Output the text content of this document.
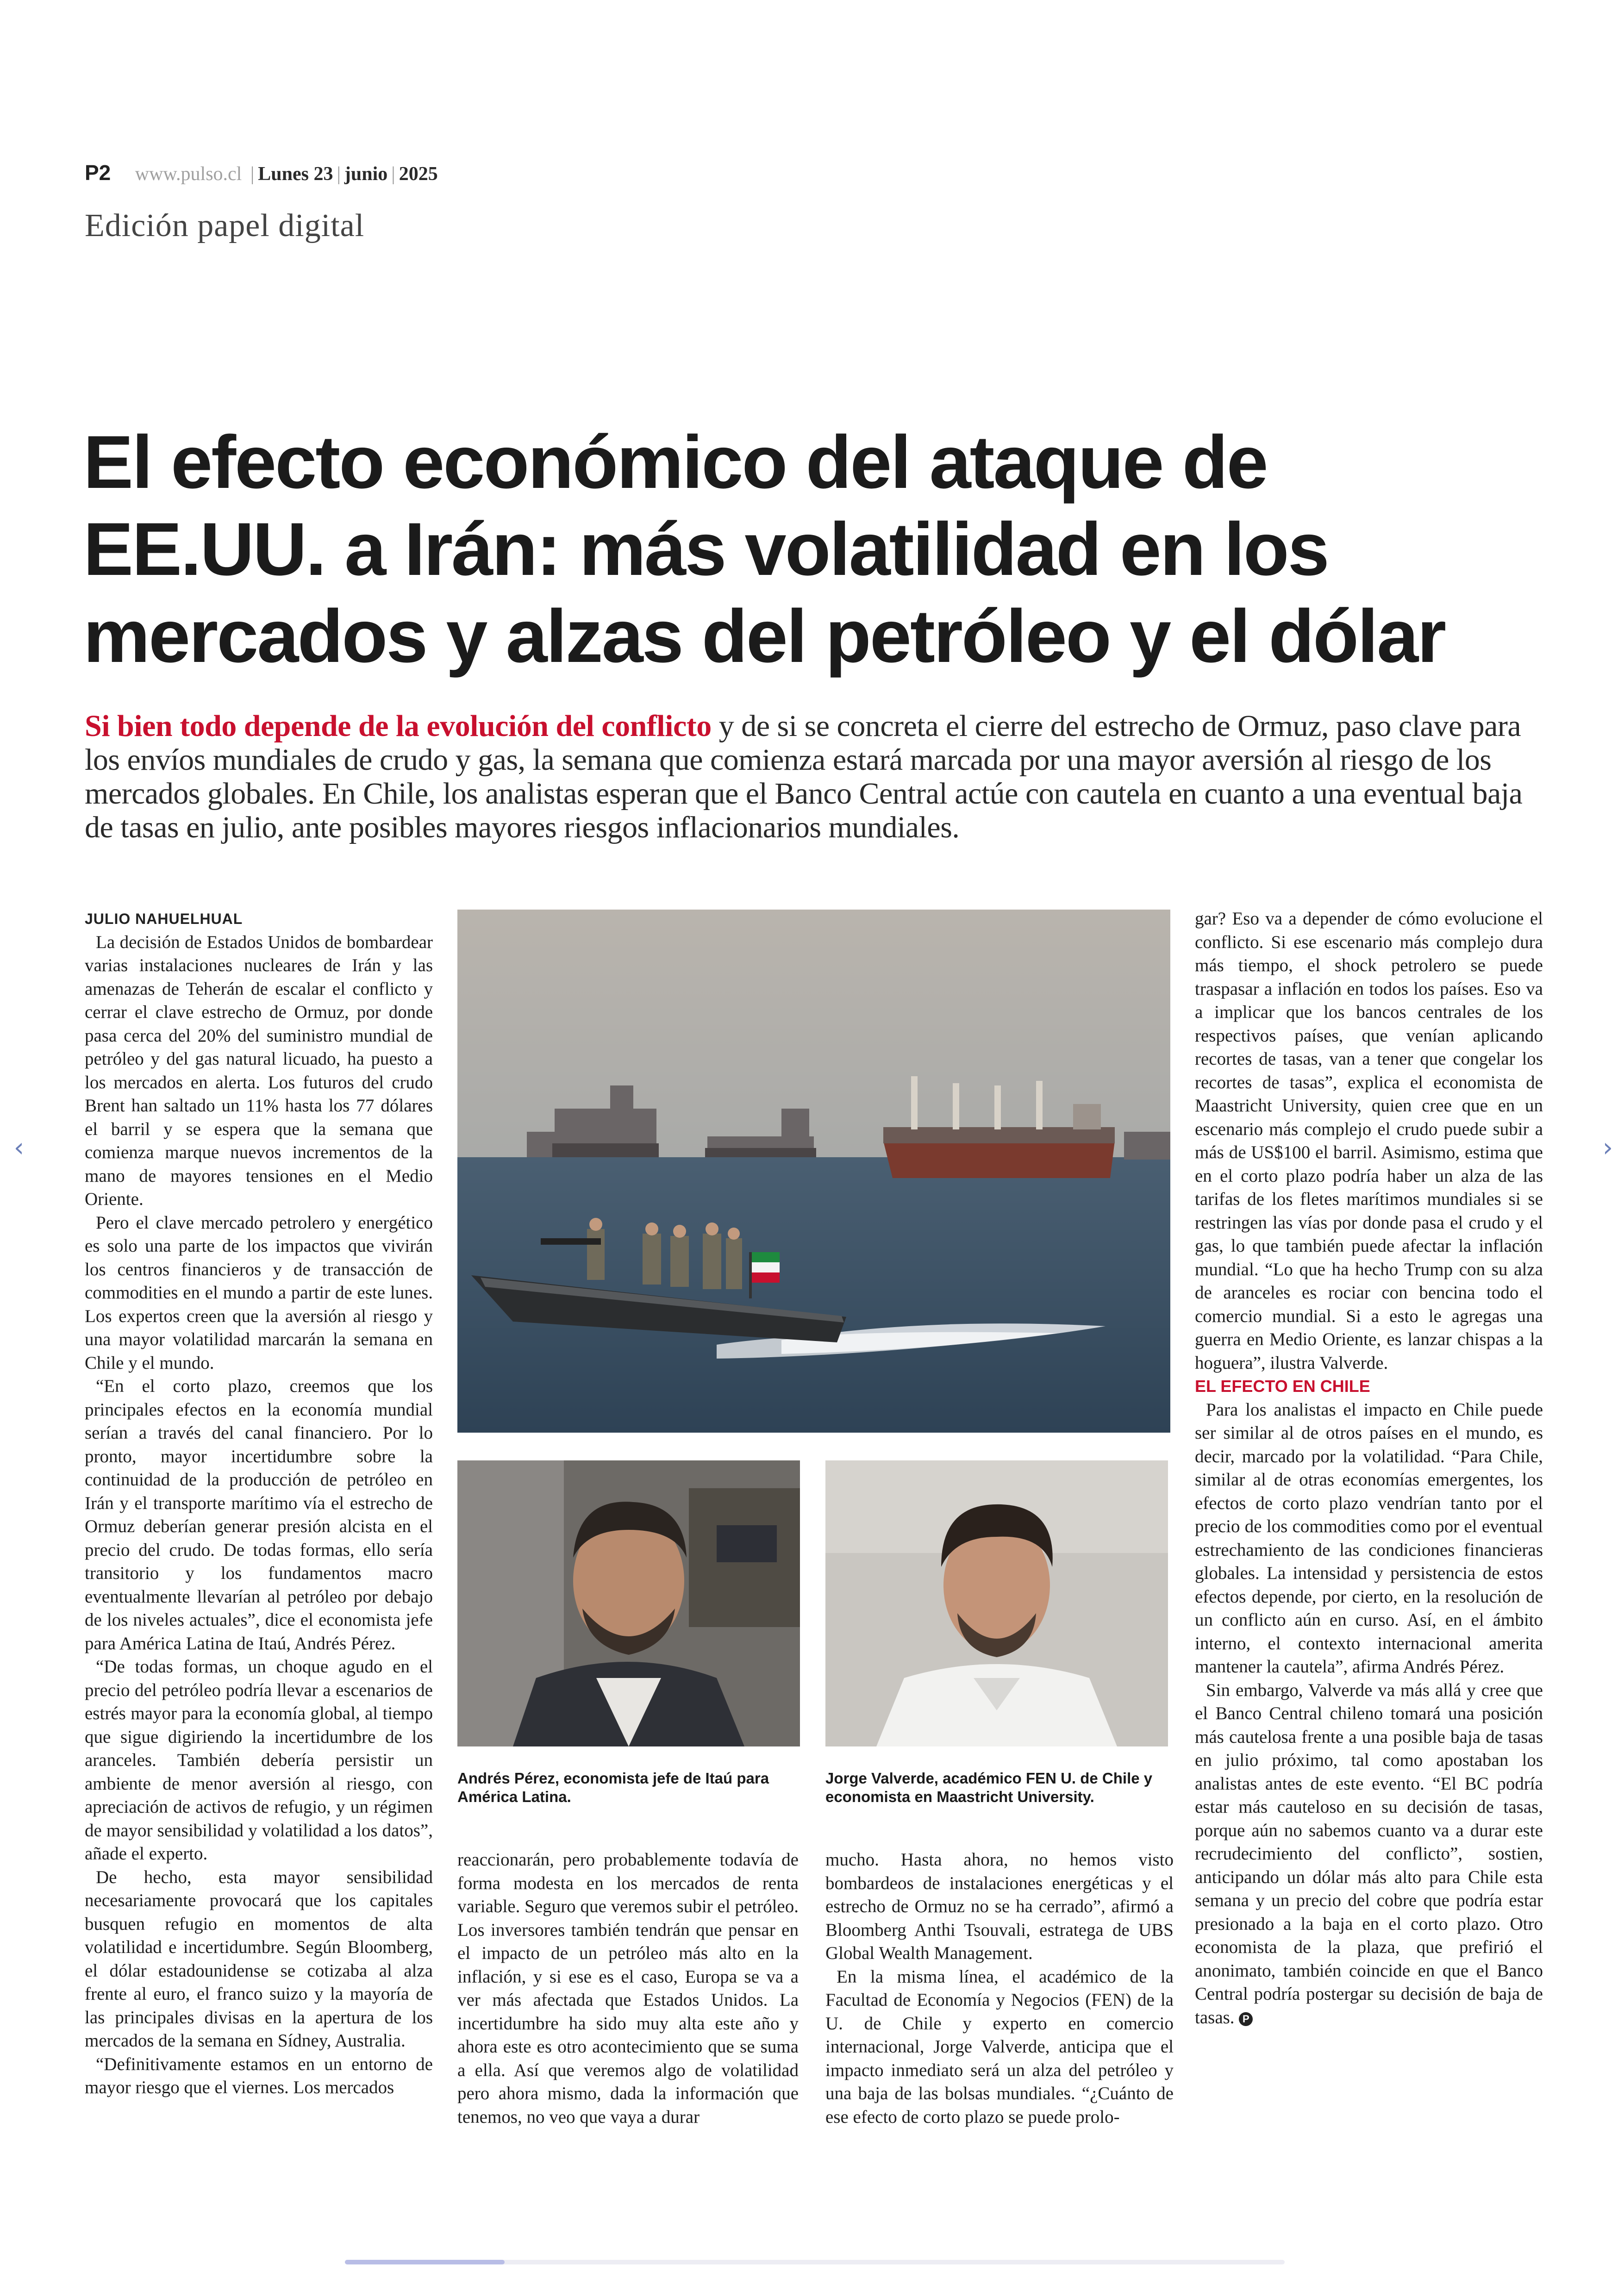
P2 www.pulso.cl | Lunes 23 | junio | 2025
Edición papel digital
El efecto económico del ataque de
EE.UU. a Irán: más volatilidad en los
mercados y alzas del petróleo y el dólar

Si bien todo depende de la evolución del conflicto y de si se concreta el cierre del estrecho de Ormuz, paso clave para los envíos mundiales de crudo y gas, la semana que comienza estará marcada por una mayor aversión al riesgo de los mercados globales. En Chile, los analistas esperan que el Banco Central actúe con cautela en cuanto a una eventual baja de tasas en julio, ante posibles mayores riesgos inflacionarios mundiales.

JULIO NAHUELHUAL

La decisión de Estados Unidos de bombardear varias instalaciones nucleares de Irán y las amenazas de Teherán de escalar el conflicto y cerrar el clave estrecho de Ormuz, por donde pasa cerca del 20% del suministro mundial de petróleo y del gas natural licuado, ha puesto a los mercados en alerta. Los futuros del crudo Brent han saltado un 11% hasta los 77 dólares el barril y se espera que la semana que comienza marque nuevos incrementos de la mano de mayores tensiones en el Medio Oriente.

Pero el clave mercado petrolero y energético es solo una parte de los impactos que vivirán los centros financieros y de transacción de commodities en el mundo a partir de este lunes. Los expertos creen que la aversión al riesgo y una mayor volatilidad marcarán la semana en Chile y el mundo.

“En el corto plazo, creemos que los principales efectos en la economía mundial serían a través del canal financiero. Por lo pronto, mayor incertidumbre sobre la continuidad de la producción de petróleo en Irán y el transporte marítimo vía el estrecho de Ormuz deberían generar presión alcista en el precio del crudo. De todas formas, ello sería transitorio y los fundamentos macro eventualmente llevarían al petróleo por debajo de los niveles actuales”, dice el economista jefe para América Latina de Itaú, Andrés Pérez.

“De todas formas, un choque agudo en el precio del petróleo podría llevar a escenarios de estrés mayor para la economía global, al tiempo que sigue digiriendo la incertidumbre de los aranceles. También debería persistir un ambiente de menor aversión al riesgo, con apreciación de activos de refugio, y un régimen de mayor sensibilidad y volatilidad a los datos”, añade el experto.

De hecho, esta mayor sensibilidad necesariamente provocará que los capitales busquen refugio en momentos de alta volatilidad e incertidumbre. Según Bloomberg, el dólar estadounidense se cotizaba al alza frente al euro, el franco suizo y la mayoría de las principales divisas en la apertura de los mercados de la semana en Sídney, Australia.

“Definitivamente estamos en un entorno de mayor riesgo que el viernes. Los mercados

Andrés Pérez, economista jefe de Itaú para América Latina.

Jorge Valverde, académico FEN U. de Chile y economista en Maastricht University.

reaccionarán, pero probablemente todavía de forma modesta en los mercados de renta variable. Seguro que veremos subir el petróleo. Los inversores también tendrán que pensar en el impacto de un petróleo más alto en la inflación, y si ese es el caso, Europa se va a ver más afectada que Estados Unidos. La incertidumbre ha sido muy alta este año y ahora este es otro acontecimiento que se suma a ella. Así que veremos algo de volatilidad pero ahora mismo, dada la información que tenemos, no veo que vaya a durar

mucho. Hasta ahora, no hemos visto bombardeos de instalaciones energéticas y el estrecho de Ormuz no se ha cerrado”, afirmó a Bloomberg Anthi Tsouvali, estratega de UBS Global Wealth Management.

En la misma línea, el académico de la Facultad de Economía y Negocios (FEN) de la U. de Chile y experto en comercio internacional, Jorge Valverde, anticipa que el impacto inmediato será un alza del petróleo y una baja de las bolsas mundiales. “¿Cuánto de ese efecto de corto plazo se puede prolo-

gar? Eso va a depender de cómo evolucione el conflicto. Si ese escenario más complejo dura más tiempo, el shock petrolero se puede traspasar a inflación en todos los países. Eso va a implicar que los bancos centrales de los respectivos países, que venían aplicando recortes de tasas, van a tener que congelar los recortes de tasas”, explica el economista de Maastricht University, quien cree que en un escenario más complejo el crudo puede subir a más de US$100 el barril. Asimismo, estima que en el corto plazo podría haber un alza de las tarifas de los fletes marítimos mundiales si se restringen las vías por donde pasa el crudo y el gas, lo que también puede afectar la inflación mundial. “Lo que ha hecho Trump con su alza de aranceles es rociar con bencina todo el comercio mundial. Si a esto le agregas una guerra en Medio Oriente, es lanzar chispas a la hoguera”, ilustra Valverde.

EL EFECTO EN CHILE

Para los analistas el impacto en Chile puede ser similar al de otros países en el mundo, es decir, marcado por la volatilidad. “Para Chile, similar al de otras economías emergentes, los efectos de corto plazo vendrían tanto por el precio de los commodities como por el eventual estrechamiento de las condiciones financieras globales. La intensidad y persistencia de estos efectos depende, por cierto, en la resolución de un conflicto aún en curso. Así, en el ámbito interno, el contexto internacional amerita mantener la cautela”, afirma Andrés Pérez.

Sin embargo, Valverde va más allá y cree que el Banco Central chileno tomará una posición más cautelosa frente a una posible baja de tasas en julio próximo, tal como apostaban los analistas antes de este evento. “El BC podría estar más cauteloso en su decisión de tasas, porque aún no sabemos cuanto va a durar este recrudecimiento del conflicto”, sostien, anticipando un dólar más alto para Chile esta semana y un precio del cobre que podría estar presionado a la baja en el corto plazo. Otro economista de la plaza, que prefirió el anonimato, también coincide en que el Banco Central podría postergar su decisión de baja de tasas. P

‹	›
